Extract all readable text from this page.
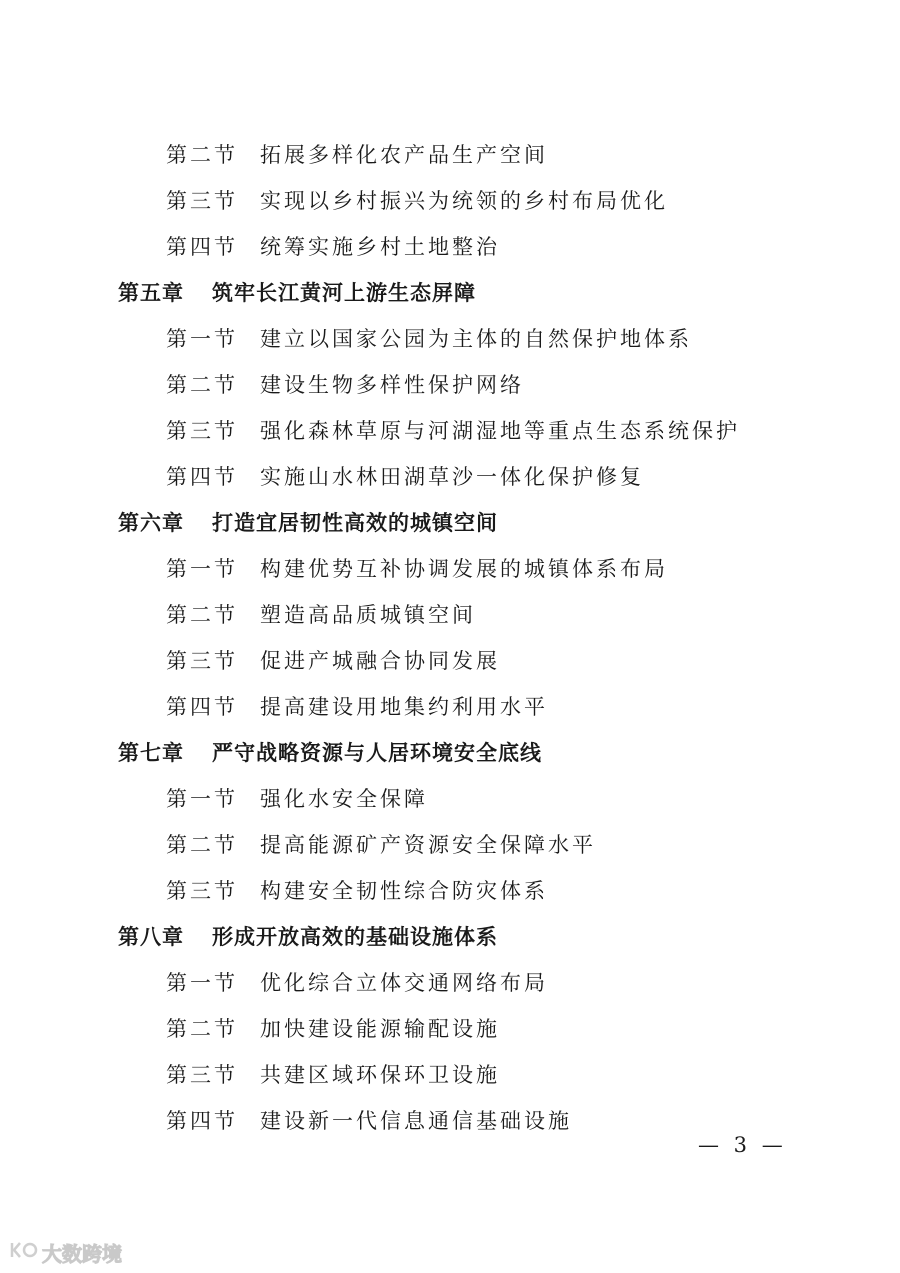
第二节 拓展多样化农产品生产空间
第三节 实现以乡村振兴为统领的乡村布局优化
第四节 统筹实施乡村土地整治
第五章 筑牢长江黄河上游生态屏障
第一节 建立以国家公园为主体的自然保护地体系
第二节 建设生物多样性保护网络
第三节 强化森林草原与河湖湿地等重点生态系统保护
第四节 实施山水林田湖草沙一体化保护修复
第六章 打造宜居韧性高效的城镇空间
第一节 构建优势互补协调发展的城镇体系布局
第二节 塑造高品质城镇空间
第三节 促进产城融合协同发展
第四节 提高建设用地集约利用水平
第七章 严守战略资源与人居环境安全底线
第一节 强化水安全保障
第二节 提高能源矿产资源安全保障水平
第三节 构建安全韧性综合防灾体系
第八章 形成开放高效的基础设施体系
第一节 优化综合立体交通网络布局
第二节 加快建设能源输配设施
第三节 共建区域环保环卫设施
第四节 建设新一代信息通信基础设施
— 3 —
大数跨境
